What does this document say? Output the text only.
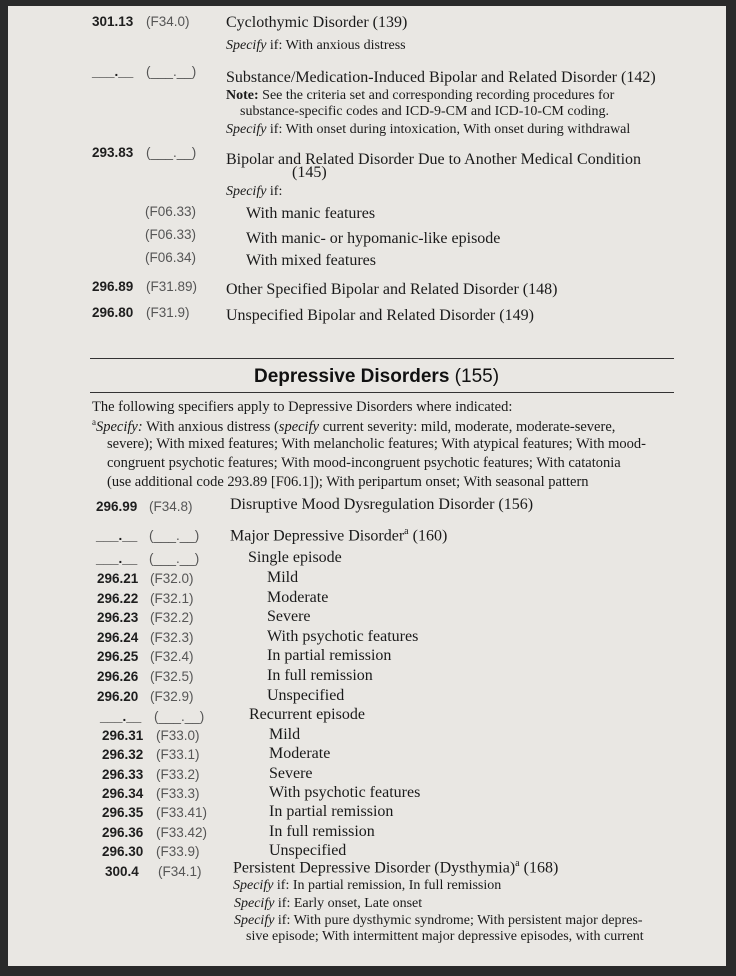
301.13 (F34.0) Cyclothymic Disorder (139)
Specify if: With anxious distress
___.__ (___.__) Substance/Medication-Induced Bipolar and Related Disorder (142)
Note: See the criteria set and corresponding recording procedures for
substance-specific codes and ICD-9-CM and ICD-10-CM coding.
Specify if: With onset during intoxication, With onset during withdrawal
293.83 (___.__) Bipolar and Related Disorder Due to Another Medical Condition
(145)
Specify if:
(F06.33)	With manic features
(F06.33)	With manic- or hypomanic-like episode
(F06.34)	With mixed features
296.89 (F31.89) Other Specified Bipolar and Related Disorder (148)
296.80 (F31.9) Unspecified Bipolar and Related Disorder (149)
Depressive Disorders (155)
The following specifiers apply to Depressive Disorders where indicated:
$^a$Specify: With anxious distress (specify current severity: mild, moderate, moderate-severe,
severe); With mixed features; With melancholic features; With atypical features; With mood-
congruent psychotic features; With mood-incongruent psychotic features; With catatonia
(use additional code 293.89 [F06.1]); With peripartum onset; With seasonal pattern
296.99 (F34.8) Disruptive Mood Dysregulation Disorder (156)
___.__ (___.__) Major Depressive Disorder$^a$ (160)
___.__ (___.__)	Single episode
296.21 (F32.0)	Mild
296.22 (F32.1)	Moderate
296.23 (F32.2)	Severe
296.24 (F32.3)	With psychotic features
296.25 (F32.4)	In partial remission
296.26 (F32.5)	In full remission
296.20 (F32.9)	Unspecified
___.__ (___.__)	Recurrent episode
296.31 (F33.0)	Mild
296.32 (F33.1)	Moderate
296.33 (F33.2)	Severe
296.34 (F33.3)	With psychotic features
296.35 (F33.41)	In partial remission
296.36 (F33.42)	In full remission
296.30 (F33.9)	Unspecified
300.4 (F34.1) Persistent Depressive Disorder (Dysthymia)$^a$ (168)
Specify if: In partial remission, In full remission
Specify if: Early onset, Late onset
Specify if: With pure dysthymic syndrome; With persistent major depres-
sive episode; With intermittent major depressive episodes, with current
